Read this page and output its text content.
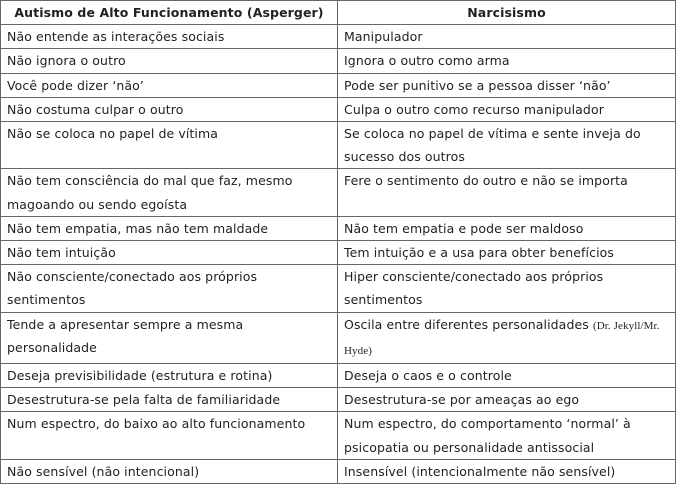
Autismo de Alto Funcionamento (Asperger)	Narcisismo
Não entende as interações sociais	Manipulador
Não ignora o outro	Ignora o outro como arma
Você pode dizer ‘não’	Pode ser punitivo se a pessoa disser ‘não’
Não costuma culpar o outro	Culpa o outro como recurso manipulador
Não se coloca no papel de vítima	Se coloca no papel de vítima e sente inveja do sucesso dos outros
Não tem consciência do mal que faz, mesmo magoando ou sendo egoísta	Fere o sentimento do outro e não se importa
Não tem empatia, mas não tem maldade	Não tem empatia e pode ser maldoso
Não tem intuição	Tem intuição e a usa para obter benefícios
Não consciente/conectado aos próprios sentimentos	Hiper consciente/conectado aos próprios sentimentos
Tende a apresentar sempre a mesma personalidade	Oscila entre diferentes personalidades (Dr. Jekyll/Mr. Hyde)
Deseja previsibilidade (estrutura e rotina)	Deseja o caos e o controle
Desestrutura-se pela falta de familiaridade	Desestrutura-se por ameaças ao ego
Num espectro, do baixo ao alto funcionamento	Num espectro, do comportamento ‘normal’ à psicopatia ou personalidade antissocial
Não sensível (não intencional)	Insensível (intencionalmente não sensível)
